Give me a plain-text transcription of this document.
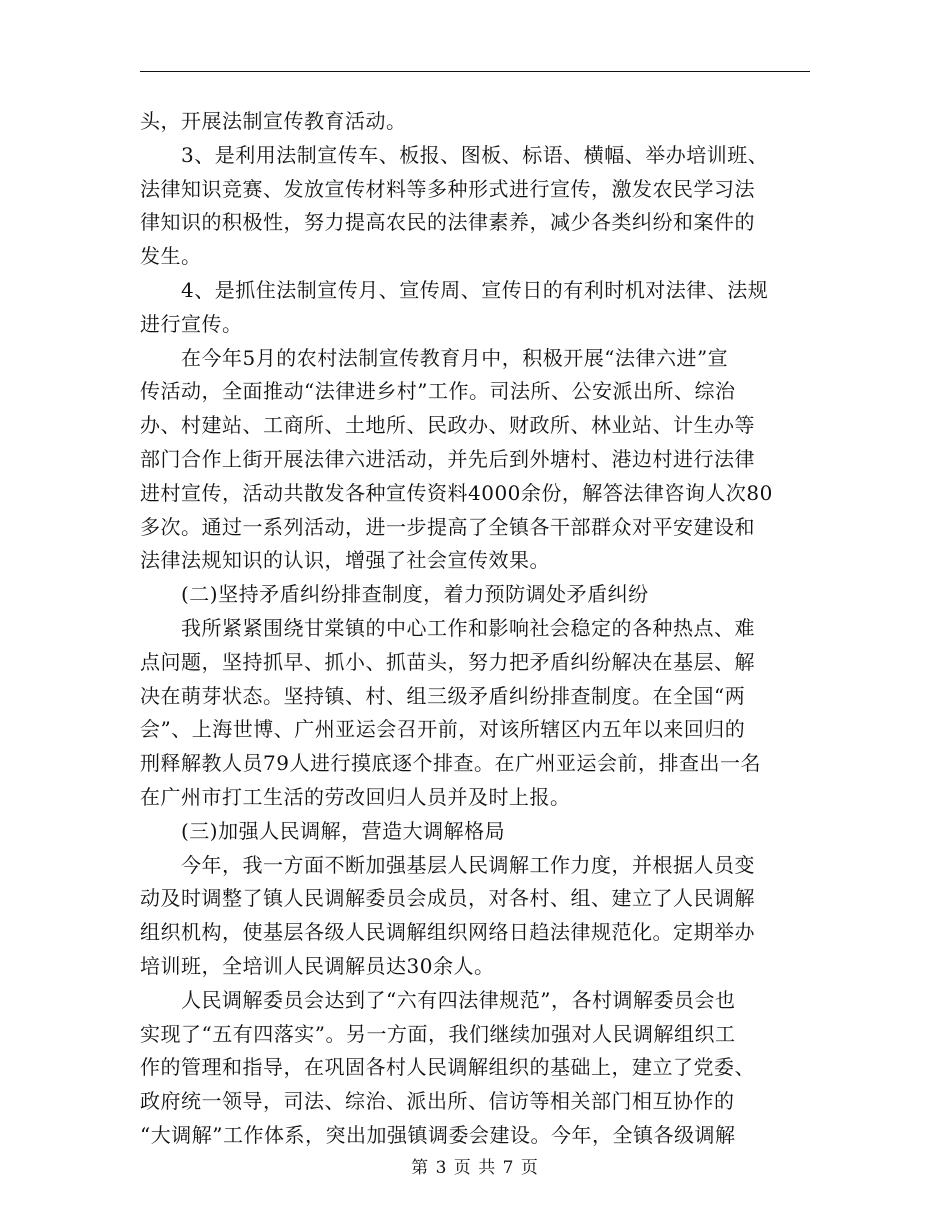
头，开展法制宣传教育活动。
　　3、是利用法制宣传车、板报、图板、标语、横幅、举办培训班、
法律知识竞赛、发放宣传材料等多种形式进行宣传，激发农民学习法
律知识的积极性，努力提高农民的法律素养，减少各类纠纷和案件的
发生。
　　4、是抓住法制宣传月、宣传周、宣传日的有利时机对法律、法规
进行宣传。
　　在今年5月的农村法制宣传教育月中，积极开展“法律六进”宣
传活动，全面推动“法律进乡村”工作。司法所、公安派出所、综治
办、村建站、工商所、土地所、民政办、财政所、林业站、计生办等
部门合作上街开展法律六进活动，并先后到外塘村、港边村进行法律
进村宣传，活动共散发各种宣传资料4000余份，解答法律咨询人次80
多次。通过一系列活动，进一步提高了全镇各干部群众对平安建设和
法律法规知识的认识，增强了社会宣传效果。
　　(二)坚持矛盾纠纷排查制度，着力预防调处矛盾纠纷
　　我所紧紧围绕甘棠镇的中心工作和影响社会稳定的各种热点、难
点问题，坚持抓早、抓小、抓苗头，努力把矛盾纠纷解决在基层、解
决在萌芽状态。坚持镇、村、组三级矛盾纠纷排查制度。在全国“两
会”、上海世博、广州亚运会召开前，对该所辖区内五年以来回归的
刑释解教人员79人进行摸底逐个排查。在广州亚运会前，排查出一名
在广州市打工生活的劳改回归人员并及时上报。
　　(三)加强人民调解，营造大调解格局
　　今年，我一方面不断加强基层人民调解工作力度，并根据人员变
动及时调整了镇人民调解委员会成员，对各村、组、建立了人民调解
组织机构，使基层各级人民调解组织网络日趋法律规范化。定期举办
培训班，全培训人民调解员达30余人。
　　人民调解委员会达到了“六有四法律规范”，各村调解委员会也
实现了“五有四落实”。另一方面，我们继续加强对人民调解组织工
作的管理和指导，在巩固各村人民调解组织的基础上，建立了党委、
政府统一领导，司法、综治、派出所、信访等相关部门相互协作的
“大调解”工作体系，突出加强镇调委会建设。今年，全镇各级调解
第 3 页 共 7 页
